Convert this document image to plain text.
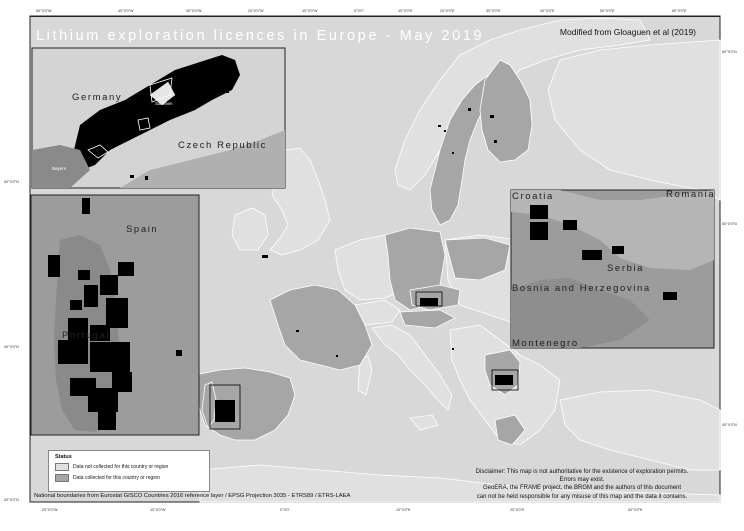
50°0'0"W	40°0'0"W	30°0'0"W	20°0'0"W	10°0'0"W	0°0'0"	10°0'0"E	20°0'0"E	30°0'0"E	40°0'0"E	50°0'0"E	60°0'0"E
20°0'0"W	10°0'0"W	0°0'0"	10°0'0"E	20°0'0"E	30°0'0"E
50°0'0"N
40°0'0"N
30°0'0"N
60°0'0"N
50°0'0"N
40°0'0"N
Lithium exploration licences in Europe - May 2019	Modified from Gloaguen et al (2019)
Germany
Czech Republic
Sachsen
Bayern
Spain
Portugal
Croatia	Romania
Serbia
Bosnia and Herzegovina
Montenegro
Status
Data not collected for this country or region
Data collected for this country or region
Disclaimer: This map is not authoritative for the existence of exploration permits.
Errors may exist.
GeoERA, the FRAME project, the BRGM and the authors of this document
can not be held responsible for any misuse of this map and the data it contains.
National boundaries from Eurostat GISCO Countries 2016 reference layer / EPSG Projection 3035 - ETRS89 / ETRS-LAEA
